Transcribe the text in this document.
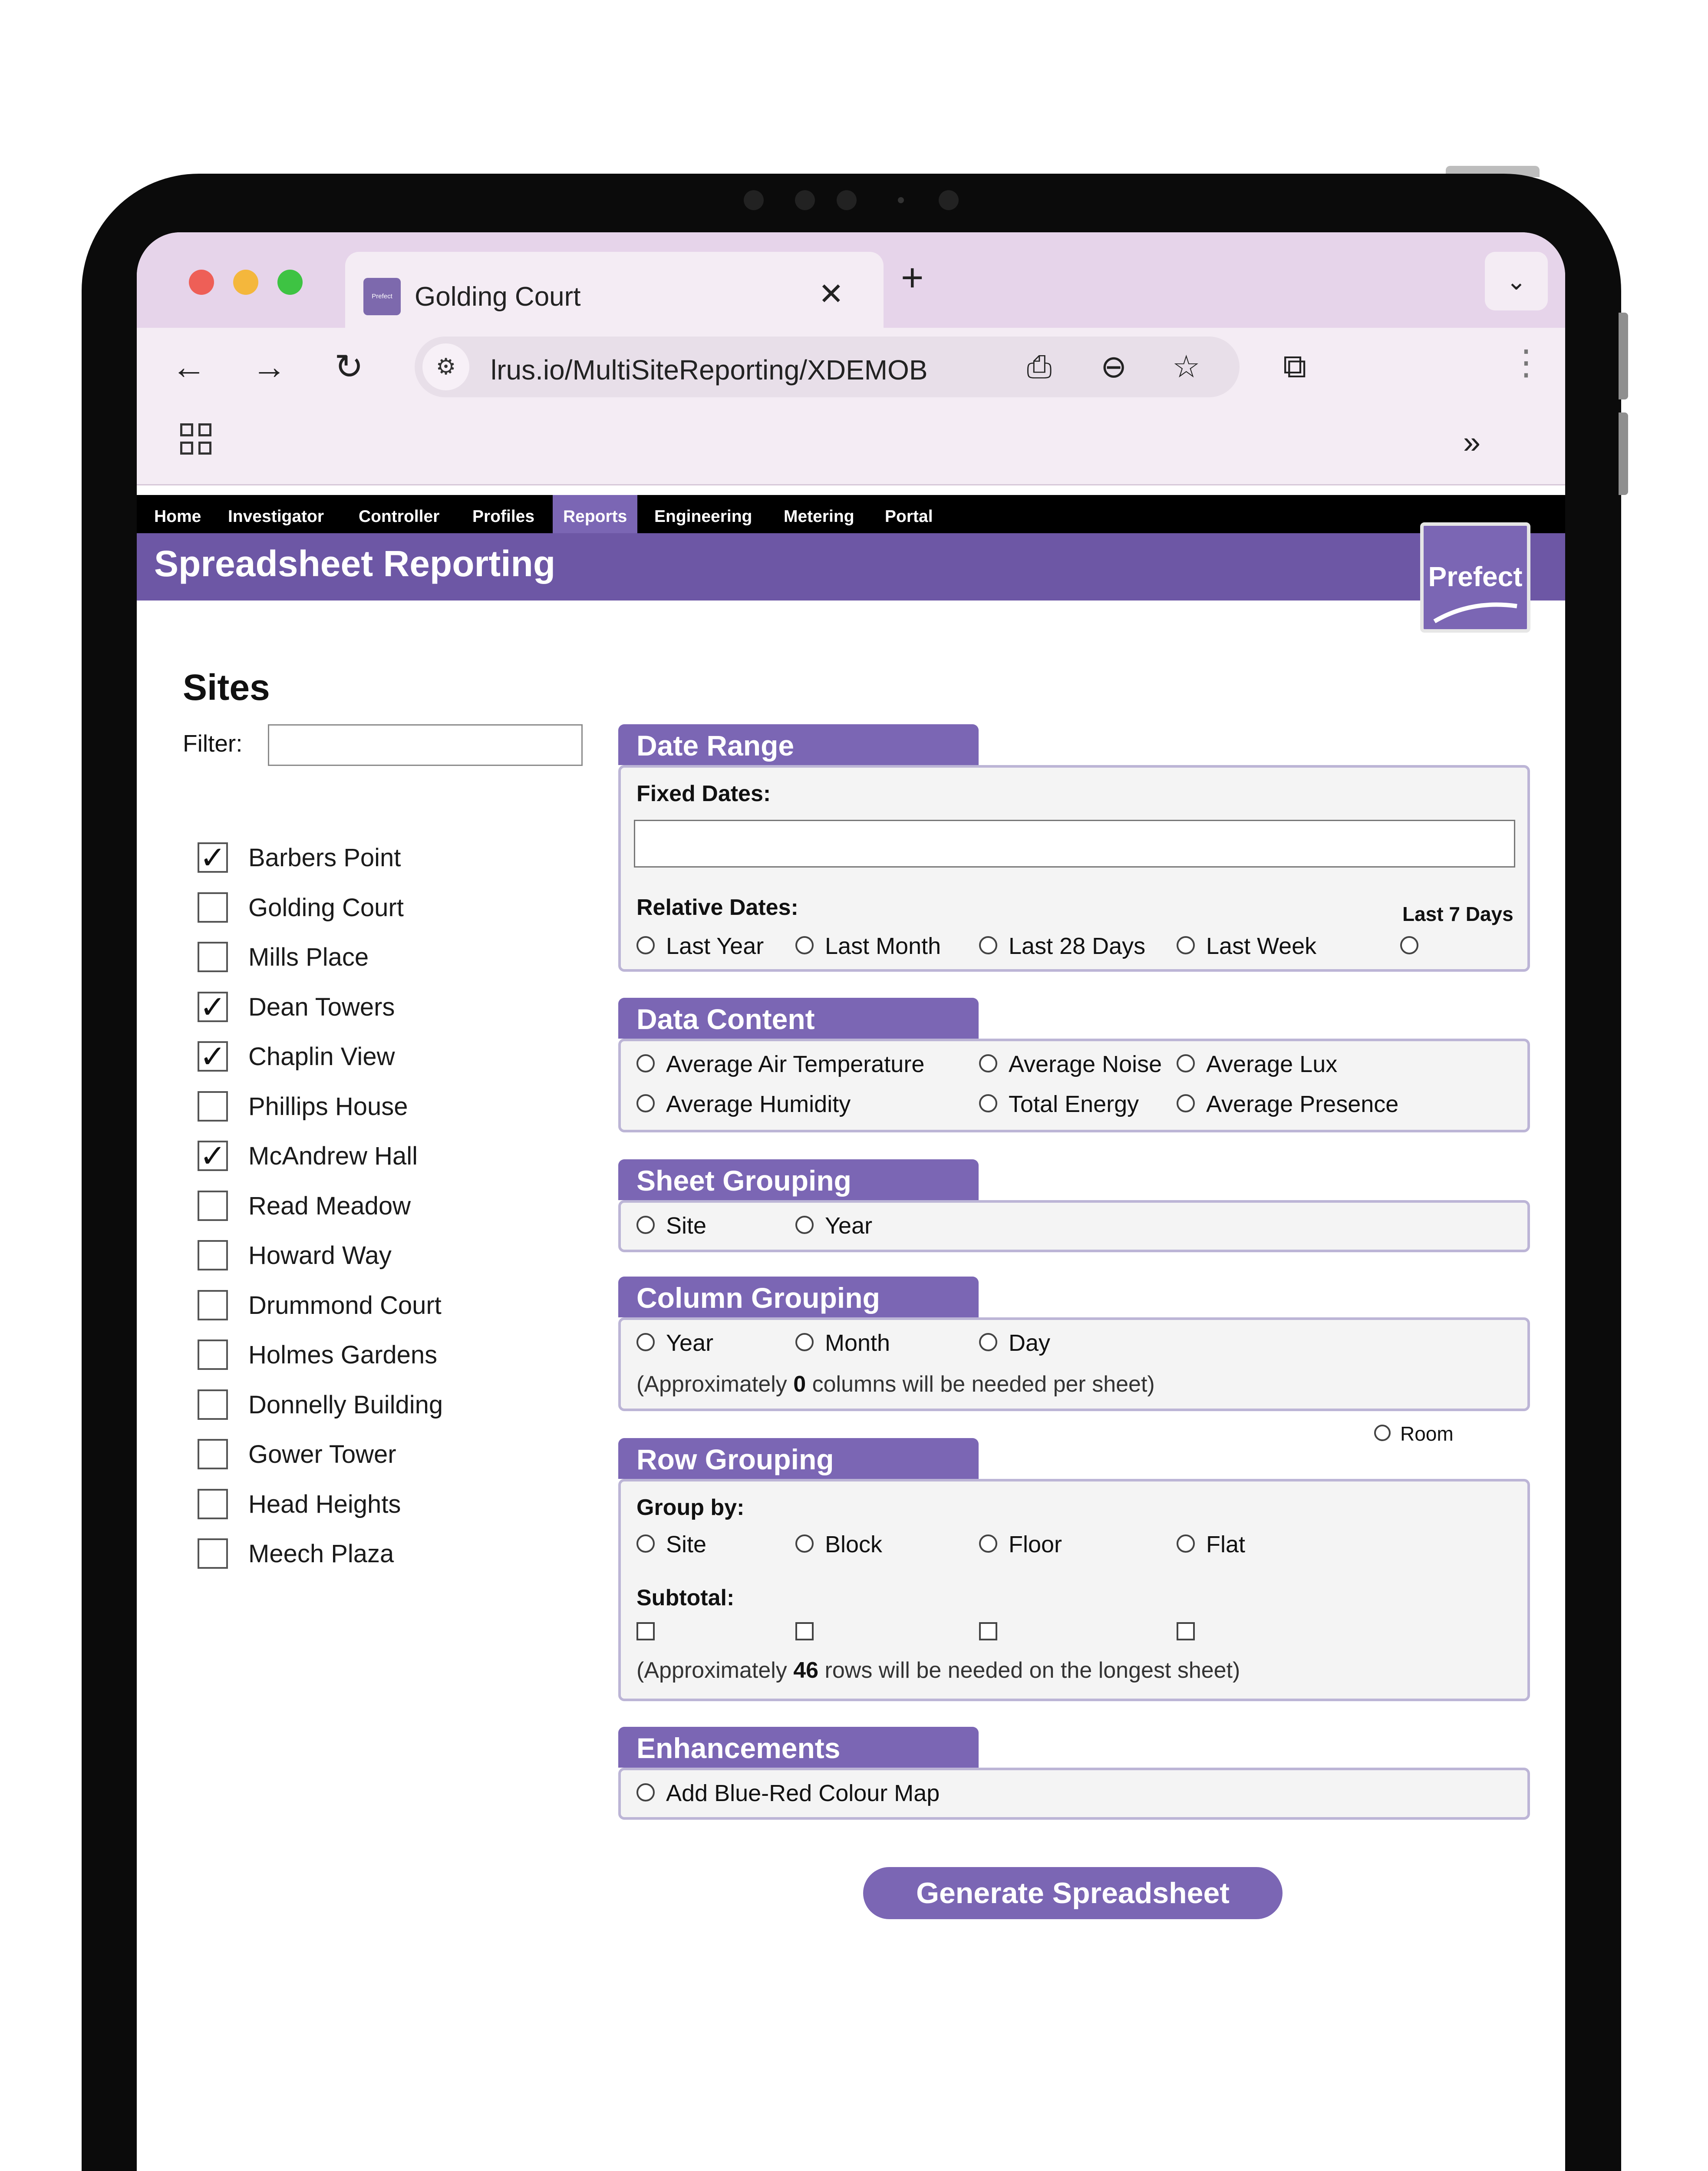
Prefect Golding Court	✕ +	⌄
← → ↻	⚙	lrus.io/MultiSiteReporting/XDEMOB	⎙ ⊖ ☆	⧉	⋮
»
Home Investigator Controller Profiles	Reports	Engineering Metering Portal
Spreadsheet Reporting	Prefect
Sites
Filter:
✓ Barbers Point
Golding Court
Mills Place
✓ Dean Towers
✓ Chaplin View
Phillips House
✓ McAndrew Hall
Read Meadow
Howard Way
Drummond Court
Holmes Gardens
Donnelly Building
Gower Tower
Head Heights
Meech Plaza
Date Range
Fixed Dates:
Relative Dates:
Last Year	Last Month	Last 28 Days	Last Week
Last 7 Days
Data Content
Average Air Temperature	Average Noise Average Lux
Average Humidity	Total Energy	Average Presence
Sheet Grouping
Site	Year
Column Grouping
Year	Month	Day
(Approximately 0 columns will be needed per sheet)
Room
Row Grouping
Group by:
Site	Block	Floor	Flat
Subtotal:
(Approximately 46 rows will be needed on the longest sheet)
Enhancements
Add Blue-Red Colour Map
Generate Spreadsheet
